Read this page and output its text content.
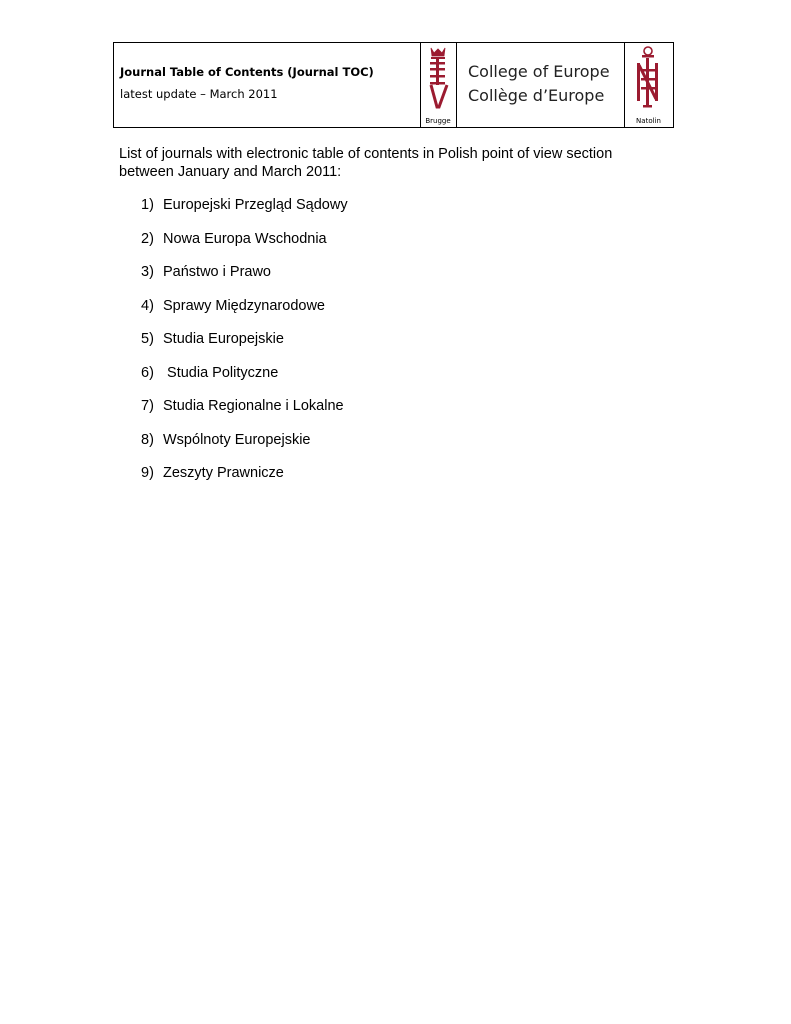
Journal Table of Contents (Journal TOC)
latest update – March 2011
Brugge
College of Europe
Collège d’Europe
Natolin
List of journals with electronic table of contents in Polish point of view section between January and March 2011:
1) Europejski Przegląd Sądowy
2) Nowa Europa Wschodnia
3) Państwo i Prawo
4) Sprawy Międzynarodowe
5) Studia Europejskie
6) Studia Polityczne
7) Studia Regionalne i Lokalne
8) Wspólnoty Europejskie
9) Zeszyty Prawnicze
